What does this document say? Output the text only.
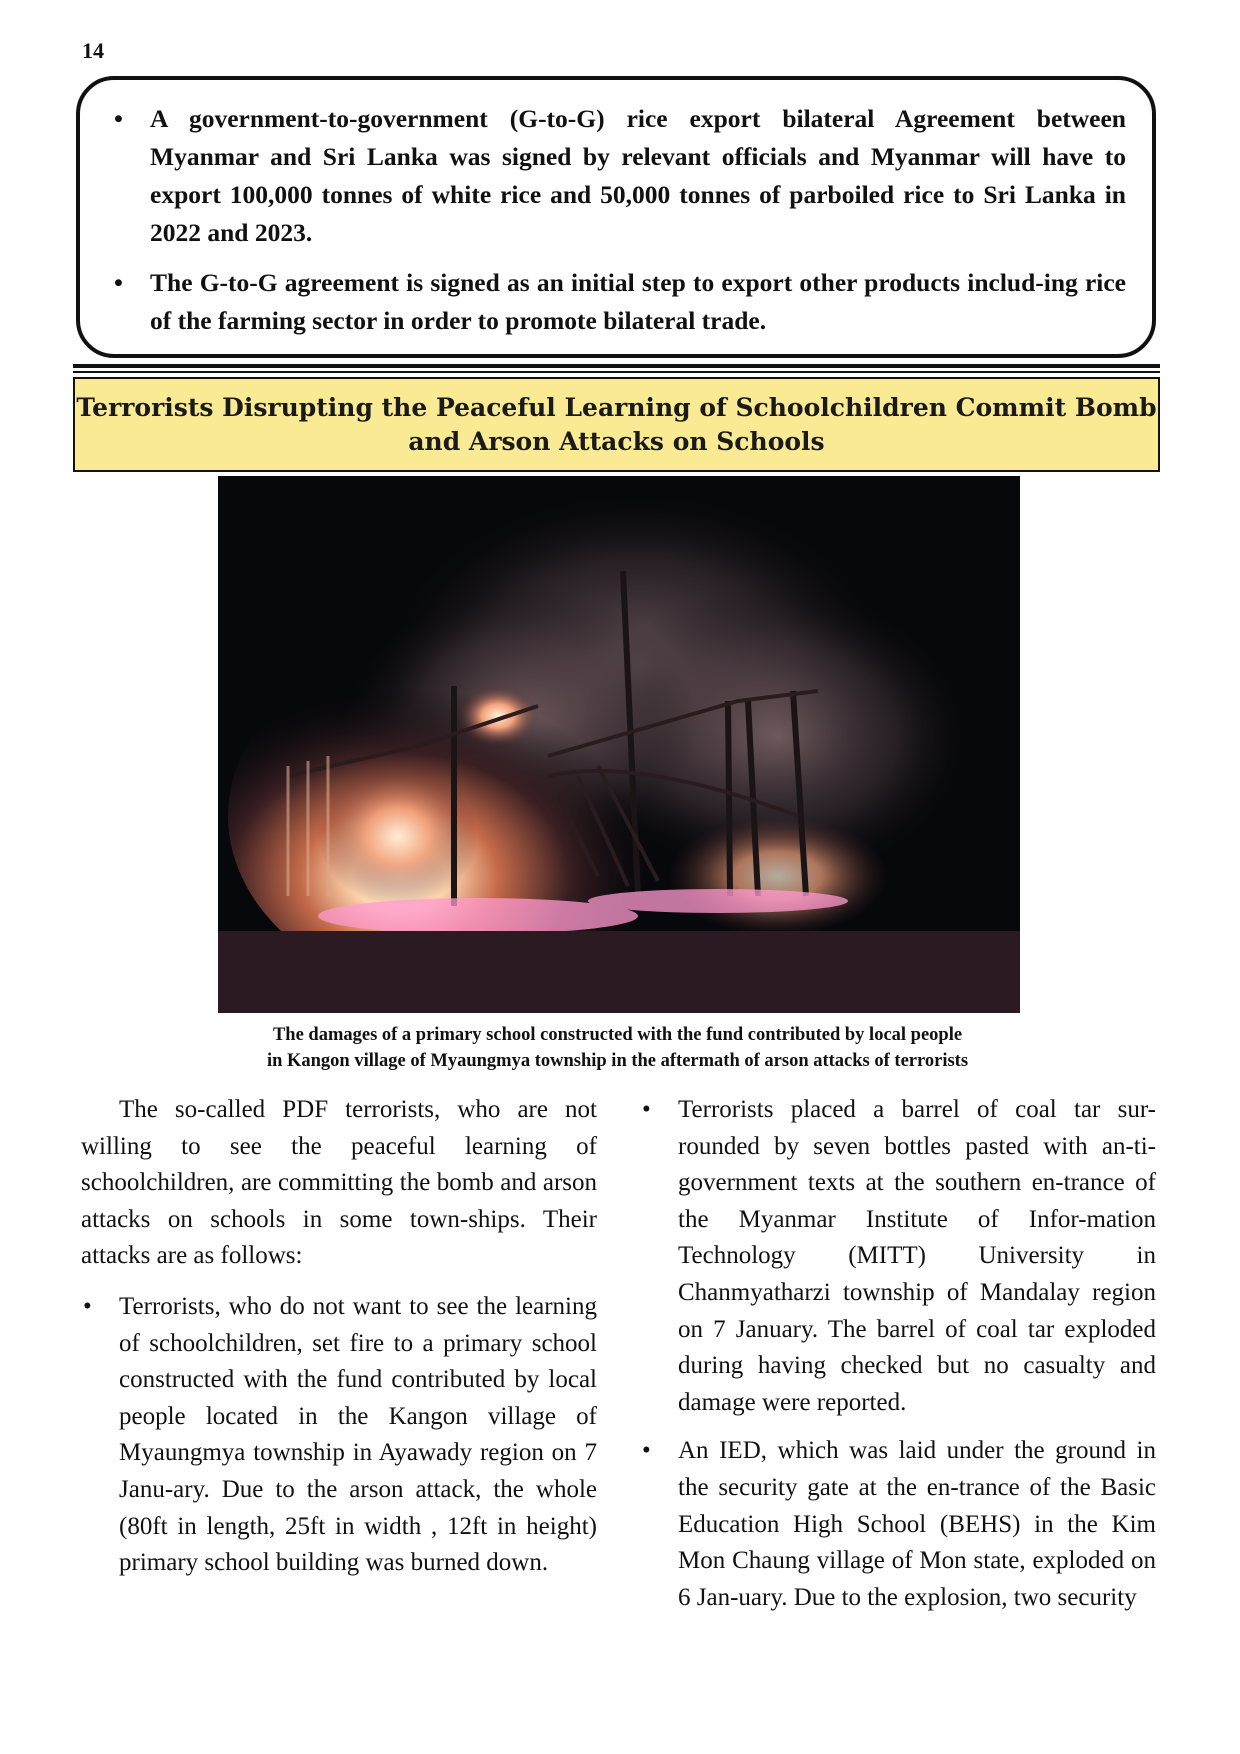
14
• A government-to-government (G-to-G) rice export bilateral Agreement between Myanmar and Sri Lanka was signed by relevant officials and Myanmar will have to export 100,000 tonnes of white rice and 50,000 tonnes of parboiled rice to Sri Lanka in 2022 and 2023.
• The G-to-G agreement is signed as an initial step to export other products includ-ing rice of the farming sector in order to promote bilateral trade.
Terrorists Disrupting the Peaceful Learning of Schoolchildren Commit Bomb
and Arson Attacks on Schools
The damages of a primary school constructed with the fund contributed by local people
in Kangon village of Myaungmya township in the aftermath of arson attacks of terrorists

The so-called PDF terrorists, who are not willing to see the peaceful learning of schoolchildren, are committing the bomb and arson attacks on schools in some town-ships. Their attacks are as follows:

• Terrorists, who do not want to see the learning of schoolchildren, set fire to a primary school constructed with the fund contributed by local people located in the Kangon village of Myaungmya township in Ayawady region on 7 Janu-ary. Due to the arson attack, the whole (80ft in length, 25ft in width , 12ft in height) primary school building was burned down.
• Terrorists placed a barrel of coal tar sur-rounded by seven bottles pasted with an-ti-government texts at the southern en-trance of the Myanmar Institute of Infor-mation Technology (MITT) University in Chanmyatharzi township of Mandalay region on 7 January. The barrel of coal tar exploded during having checked but no casualty and damage were reported.
• An IED, which was laid under the ground in the security gate at the en-trance of the Basic Education High School (BEHS) in the Kim Mon Chaung village of Mon state, exploded on 6 Jan-uary. Due to the explosion, two security
